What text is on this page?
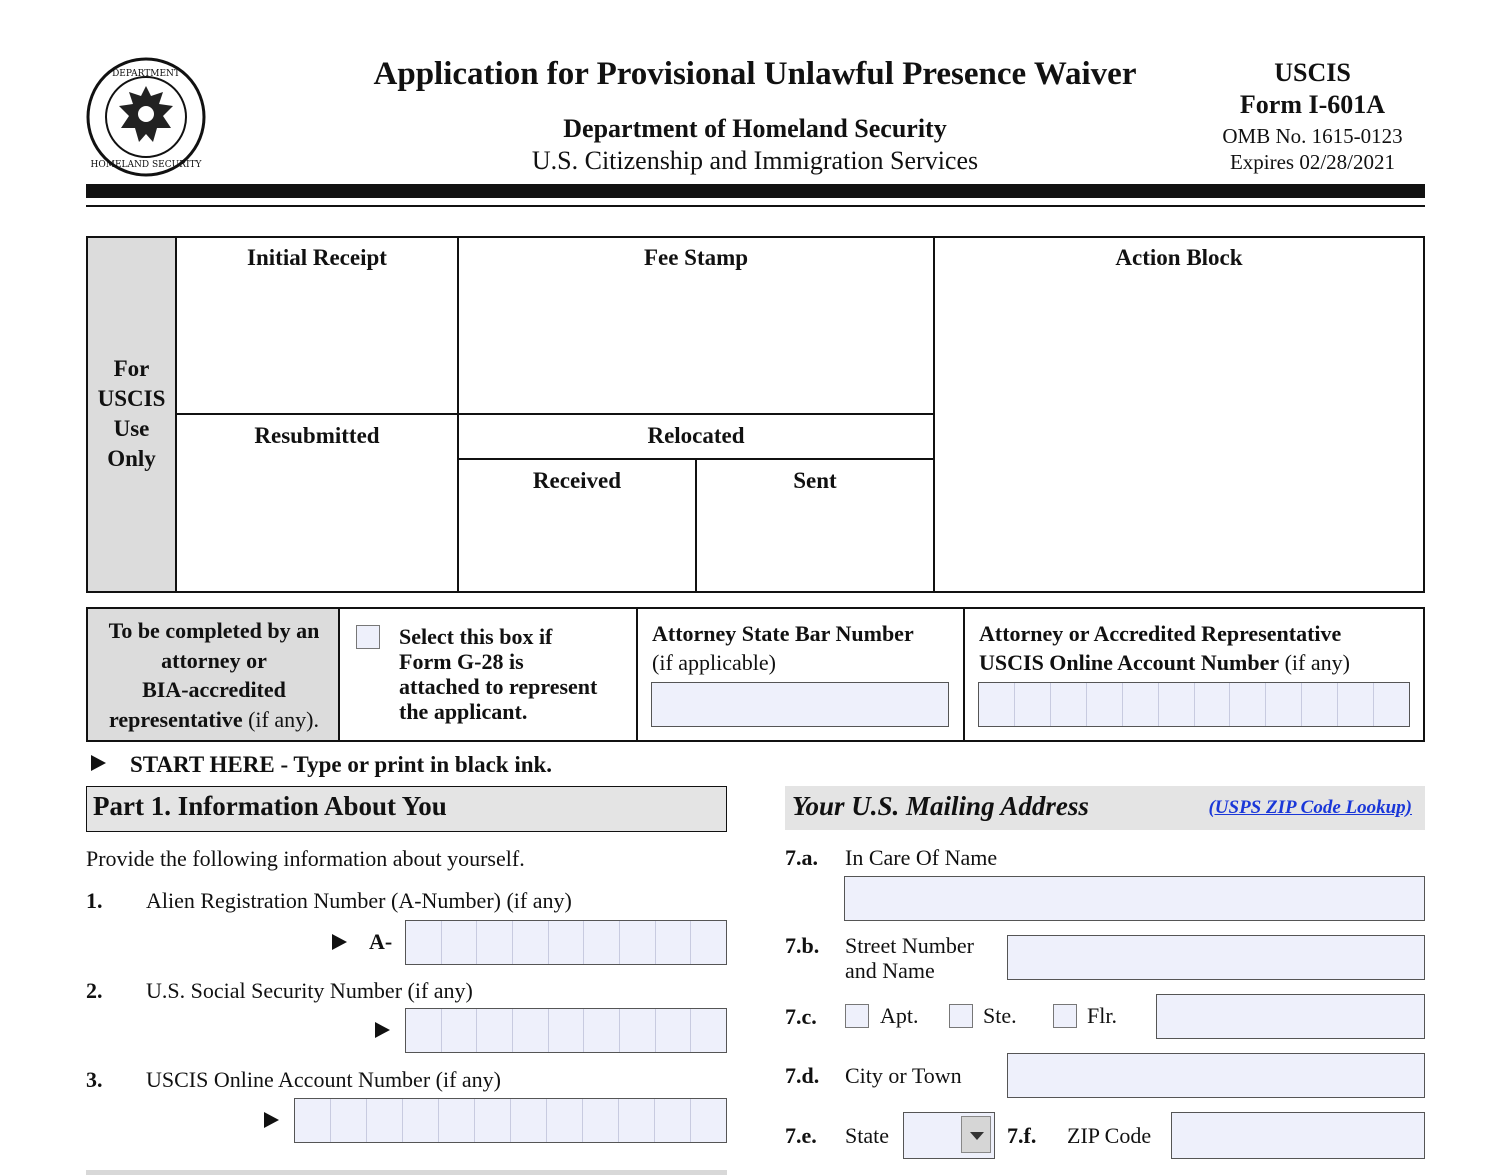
DEPARTMENT
HOMELAND SECURITY
Application for Provisional Unlawful Presence Waiver
Department of Homeland Security
U.S. Citizenship and Immigration Services
USCIS
Form I-601A
OMB No. 1615-0123
Expires 02/28/2021
For
USCIS
Use
Only
Initial Receipt	Fee Stamp	Action Block
Resubmitted	Relocated
Received	Sent
To be completed by an
attorney or
BIA-accredited
representative (if any).
Select this box if
Form G-28 is
attached to represent
the applicant.
Attorney State Bar Number
(if applicable)
Attorney or Accredited Representative
USCIS Online Account Number (if any)
START HERE - Type or print in black ink.
Part 1. Information About You
Provide the following information about yourself.
1. Alien Registration Number (A-Number) (if any)
A-
2. U.S. Social Security Number (if any)
3. USCIS Online Account Number (if any)
Your U.S. Mailing Address	(USPS ZIP Code Lookup)
7.a. In Care Of Name
7.b. Street Number
and Name
7.c.	Apt.	Ste.	Flr.
7.d. City or Town
7.e. State	7.f. ZIP Code
